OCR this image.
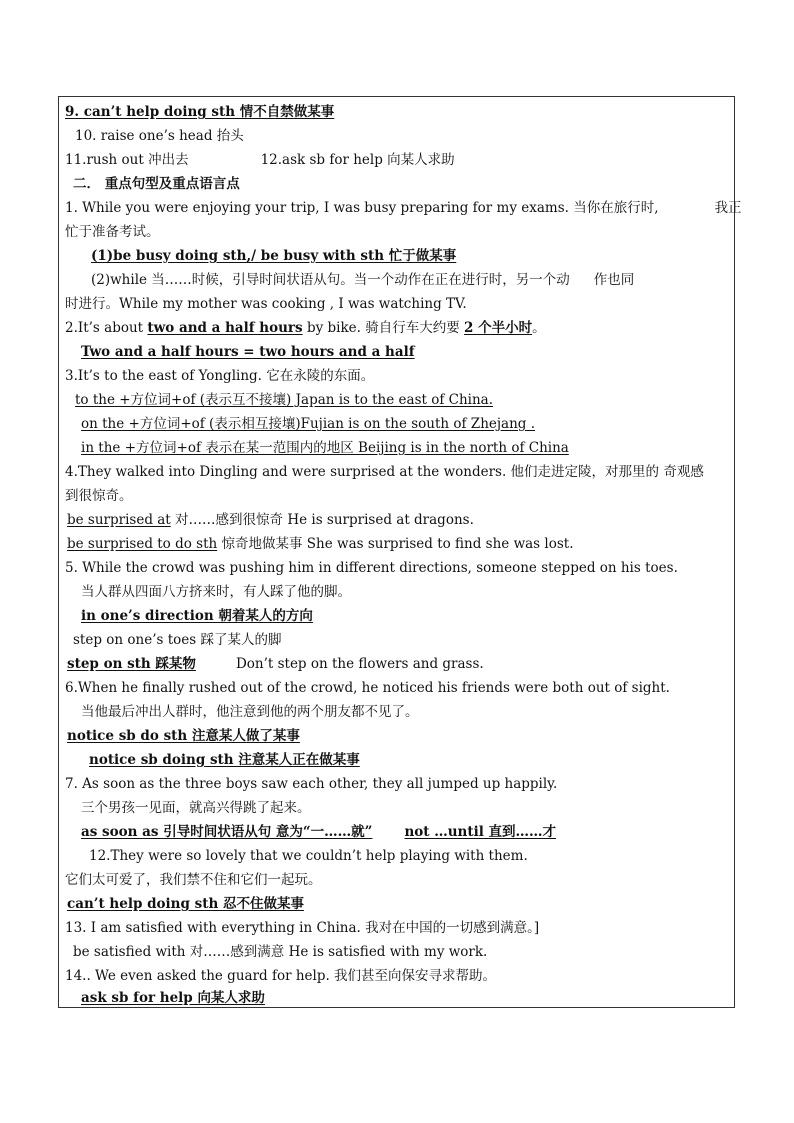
9. can’t help doing sth 情不自禁做某事
10. raise one’s head 抬头
11.rush out 冲出去	12.ask sb for help 向某人求助
二． 重点句型及重点语言点
1. While you were enjoying your trip, I was busy preparing for my exams. 当你在旅行时,	我正
忙于准备考试。
(1)be busy doing sth,/ be busy with sth 忙于做某事
(2)while 当……时候，引导时间状语从句。当一个动作在正在进行时，另一个动 作也同
时进行。While my mother was cooking , I was watching TV.
2.It’s about two and a half hours by bike. 骑自行车大约要 2 个半小时。
Two and a half hours = two hours and a half
3.It’s to the east of Yongling. 它在永陵的东面。
to the +方位词+of (表示互不接壤) Japan is to the east of China.
on the +方位词+of (表示相互接壤)Fujian is on the south of Zhejang .
in the +方位词+of 表示在某一范围内的地区 Beijing is in the north of China
4.They walked into Dingling and were surprised at the wonders. 他们走进定陵，对那里的 奇观感
到很惊奇。
be surprised at 对……感到很惊奇 He is surprised at dragons.
be surprised to do sth 惊奇地做某事 She was surprised to find she was lost.
5. While the crowd was pushing him in different directions, someone stepped on his toes.
当人群从四面八方挤来时，有人踩了他的脚。
in one’s direction 朝着某人的方向
step on one’s toes 踩了某人的脚
step on sth 踩某物	Don’t step on the flowers and grass.
6.When he finally rushed out of the crowd, he noticed his friends were both out of sight.
当他最后冲出人群时，他注意到他的两个朋友都不见了。
notice sb do sth 注意某人做了某事
notice sb doing sth 注意某人正在做某事
7. As soon as the three boys saw each other, they all jumped up happily.
三个男孩一见面，就高兴得跳了起来。
as soon as 引导时间状语从句 意为“一……就” not …until 直到……才
12.They were so lovely that we couldn’t help playing with them.
它们太可爱了，我们禁不住和它们一起玩。
can’t help doing sth 忍不住做某事
13. I am satisfied with everything in China. 我对在中国的一切感到满意。]
be satisfied with 对……感到满意 He is satisfied with my work.
14.. We even asked the guard for help. 我们甚至向保安寻求帮助。
ask sb for help 向某人求助
